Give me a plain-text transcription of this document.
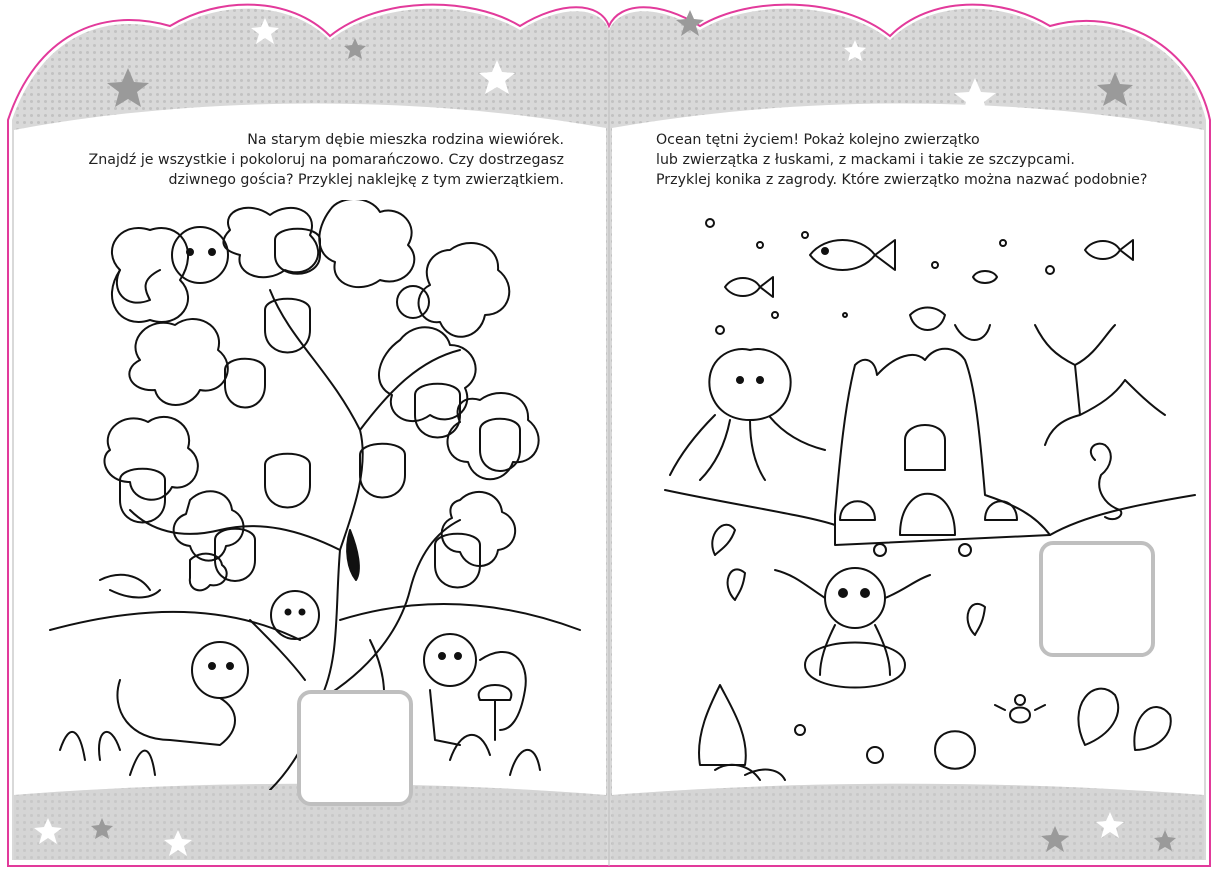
Na starym dębie mieszka rodzina wiewiórek.
Znajdź je wszystkie i pokoloruj na pomarańczowo. Czy dostrzegasz
dziwnego gościa? Przyklej naklejkę z tym zwierzątkiem.
Ocean tętni życiem! Pokaż kolejno zwierzątko
lub zwierzątka z łuskami, z mackami i takie ze szczypcami.
Przyklej konika z zagrody. Które zwierzątko można nazwać podobnie?
